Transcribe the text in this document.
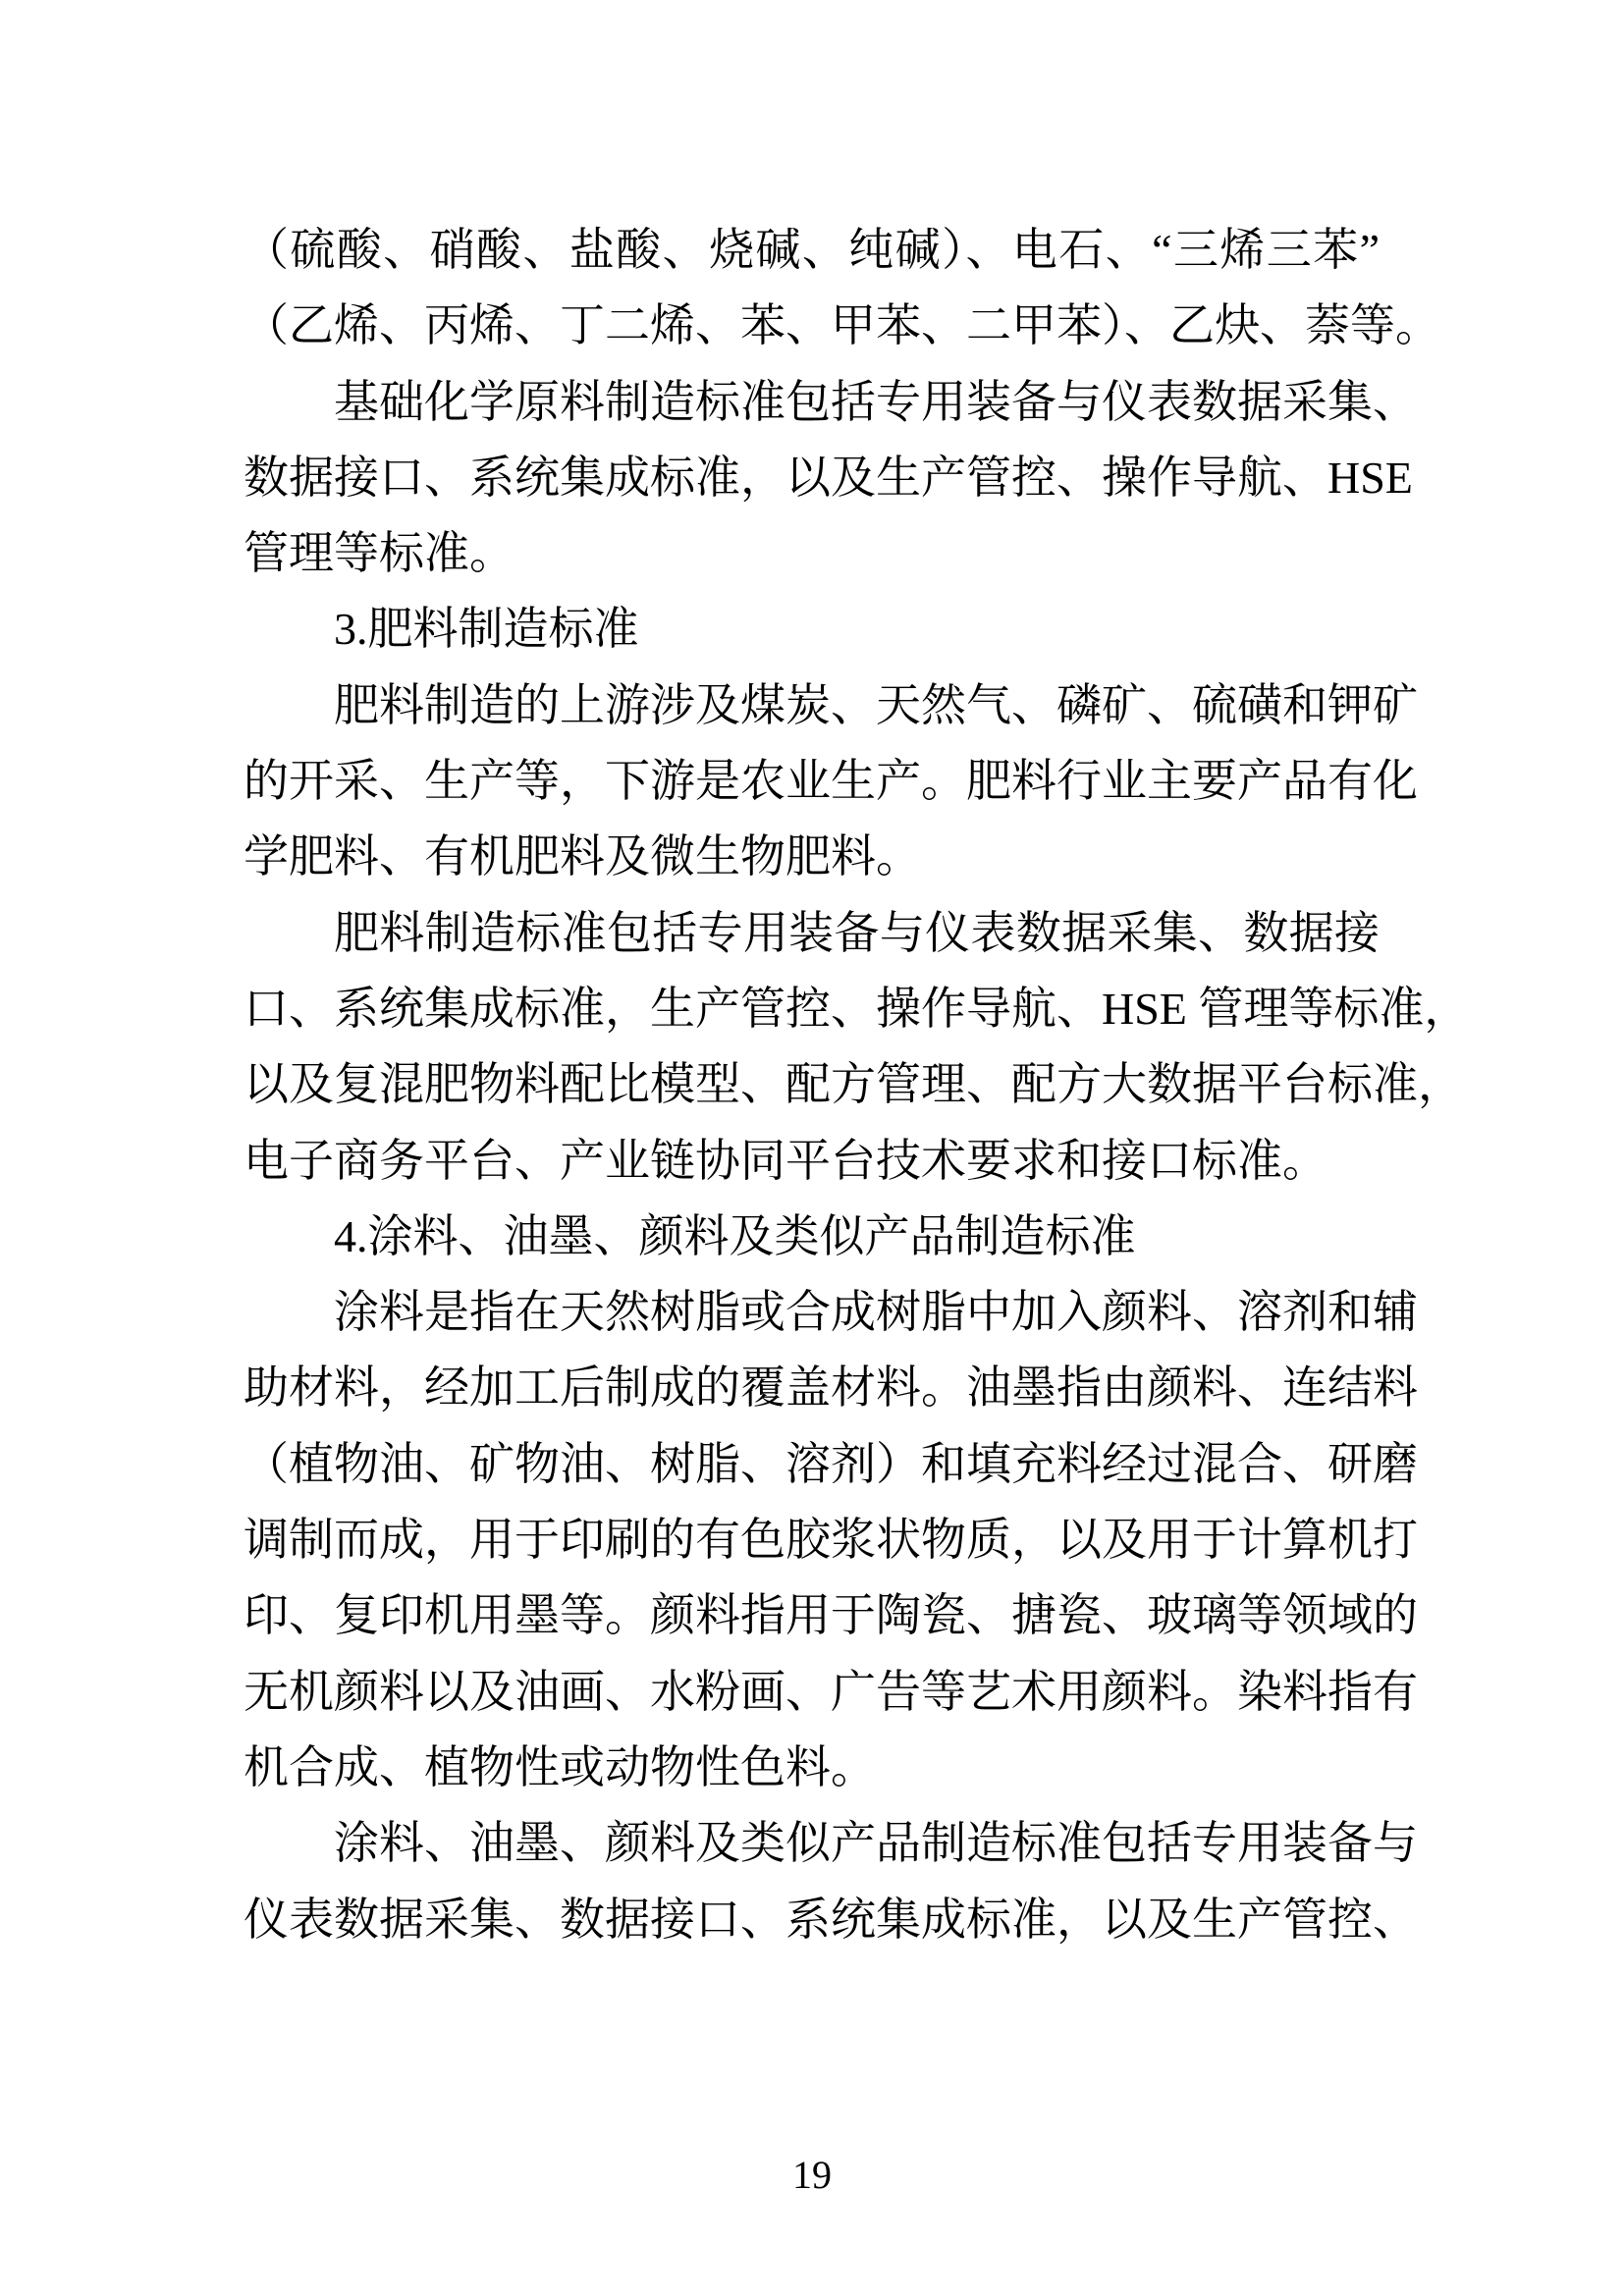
（硫酸、硝酸、盐酸、烧碱、纯碱）、电石、“三烯三苯”
（乙烯、丙烯、丁二烯、苯、甲苯、二甲苯）、乙炔、萘等。
基础化学原料制造标准包括专用装备与仪表数据采集、
数据接口、系统集成标准，以及生产管控、操作导航、HSE
管理等标准。
3.肥料制造标准
肥料制造的上游涉及煤炭、天然气、磷矿、硫磺和钾矿
的开采、生产等，下游是农业生产。肥料行业主要产品有化
学肥料、有机肥料及微生物肥料。
肥料制造标准包括专用装备与仪表数据采集、数据接
口、系统集成标准，生产管控、操作导航、HSE 管理等标准，
以及复混肥物料配比模型、配方管理、配方大数据平台标准，
电子商务平台、产业链协同平台技术要求和接口标准。
4.涂料、油墨、颜料及类似产品制造标准
涂料是指在天然树脂或合成树脂中加入颜料、溶剂和辅
助材料，经加工后制成的覆盖材料。油墨指由颜料、连结料
（植物油、矿物油、树脂、溶剂）和填充料经过混合、研磨
调制而成，用于印刷的有色胶浆状物质，以及用于计算机打
印、复印机用墨等。颜料指用于陶瓷、搪瓷、玻璃等领域的
无机颜料以及油画、水粉画、广告等艺术用颜料。染料指有
机合成、植物性或动物性色料。
涂料、油墨、颜料及类似产品制造标准包括专用装备与
仪表数据采集、数据接口、系统集成标准，以及生产管控、
19
